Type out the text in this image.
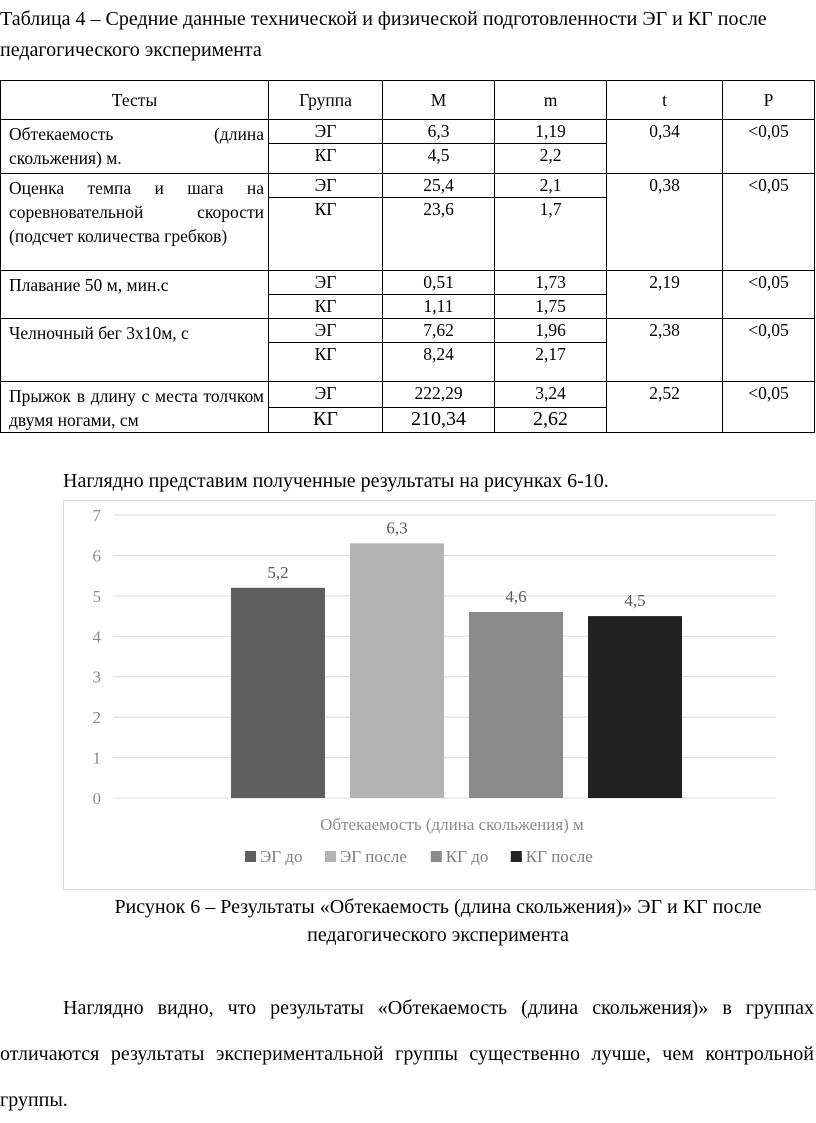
Таблица 4 – Средние данные технической и физической подготовленности ЭГ и КГ после педагогического эксперимента
Тесты	Группа	M	m	t	P
Обтекаемость (длина скольжения) м.	ЭГ	6,3	1,19	0,34	<0,05
	КГ	4,5	2,2		
Оценка темпа и шага на соревновательной скорости (подсчет количества гребков)	ЭГ	25,4	2,1	0,38	<0,05
	КГ	23,6	1,7		
Плавание 50 м, мин.с	ЭГ	0,51	1,73	2,19	<0,05
	КГ	1,11	1,75		
Челночный бег 3х10м, с	ЭГ	7,62	1,96	2,38	<0,05
	КГ	8,24	2,17		
Прыжок в длину с места толчком двумя ногами, см	ЭГ	222,29	3,24	2,52	<0,05
	КГ	210,34	2,62		
Наглядно представим полученные результаты на рисунках 6-10.
0
1
2
3
4
5
6
7
5,2
6,3
4,6	4,5
Обтекаемость (длина скольжения) м
ЭГ до ЭГ после КГ до КГ после
Рисунок 6 – Результаты «Обтекаемость (длина скольжения)» ЭГ и КГ после педагогического эксперимента
Наглядно видно, что результаты «Обтекаемость (длина скольжения)» в группах отличаются результаты экспериментальной группы существенно лучше, чем контрольной группы.
